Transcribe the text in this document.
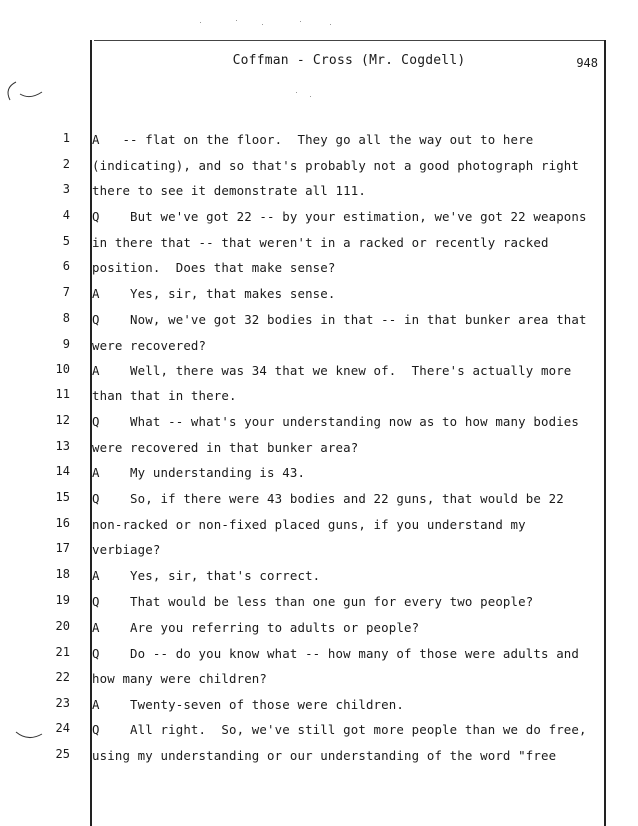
Coffman - Cross (Mr. Cogdell)	948
1 A   -- flat on the floor.  They go all the way out to here
2 (indicating), and so that's probably not a good photograph right
3 there to see it demonstrate all 111.
4 Q    But we've got 22 -- by your estimation, we've got 22 weapons
5 in there that -- that weren't in a racked or recently racked
6 position.  Does that make sense?
7 A    Yes, sir, that makes sense.
8 Q    Now, we've got 32 bodies in that -- in that bunker area that
9 were recovered?
10 A    Well, there was 34 that we knew of.  There's actually more
11 than that in there.
12 Q    What -- what's your understanding now as to how many bodies
13 were recovered in that bunker area?
14 A    My understanding is 43.
15 Q    So, if there were 43 bodies and 22 guns, that would be 22
16 non-racked or non-fixed placed guns, if you understand my
17 verbiage?
18 A    Yes, sir, that's correct.
19 Q    That would be less than one gun for every two people?
20 A    Are you referring to adults or people?
21 Q    Do -- do you know what -- how many of those were adults and
22 how many were children?
23 A    Twenty-seven of those were children.
24 Q    All right.  So, we've still got more people than we do free,
25 using my understanding or our understanding of the word "free
